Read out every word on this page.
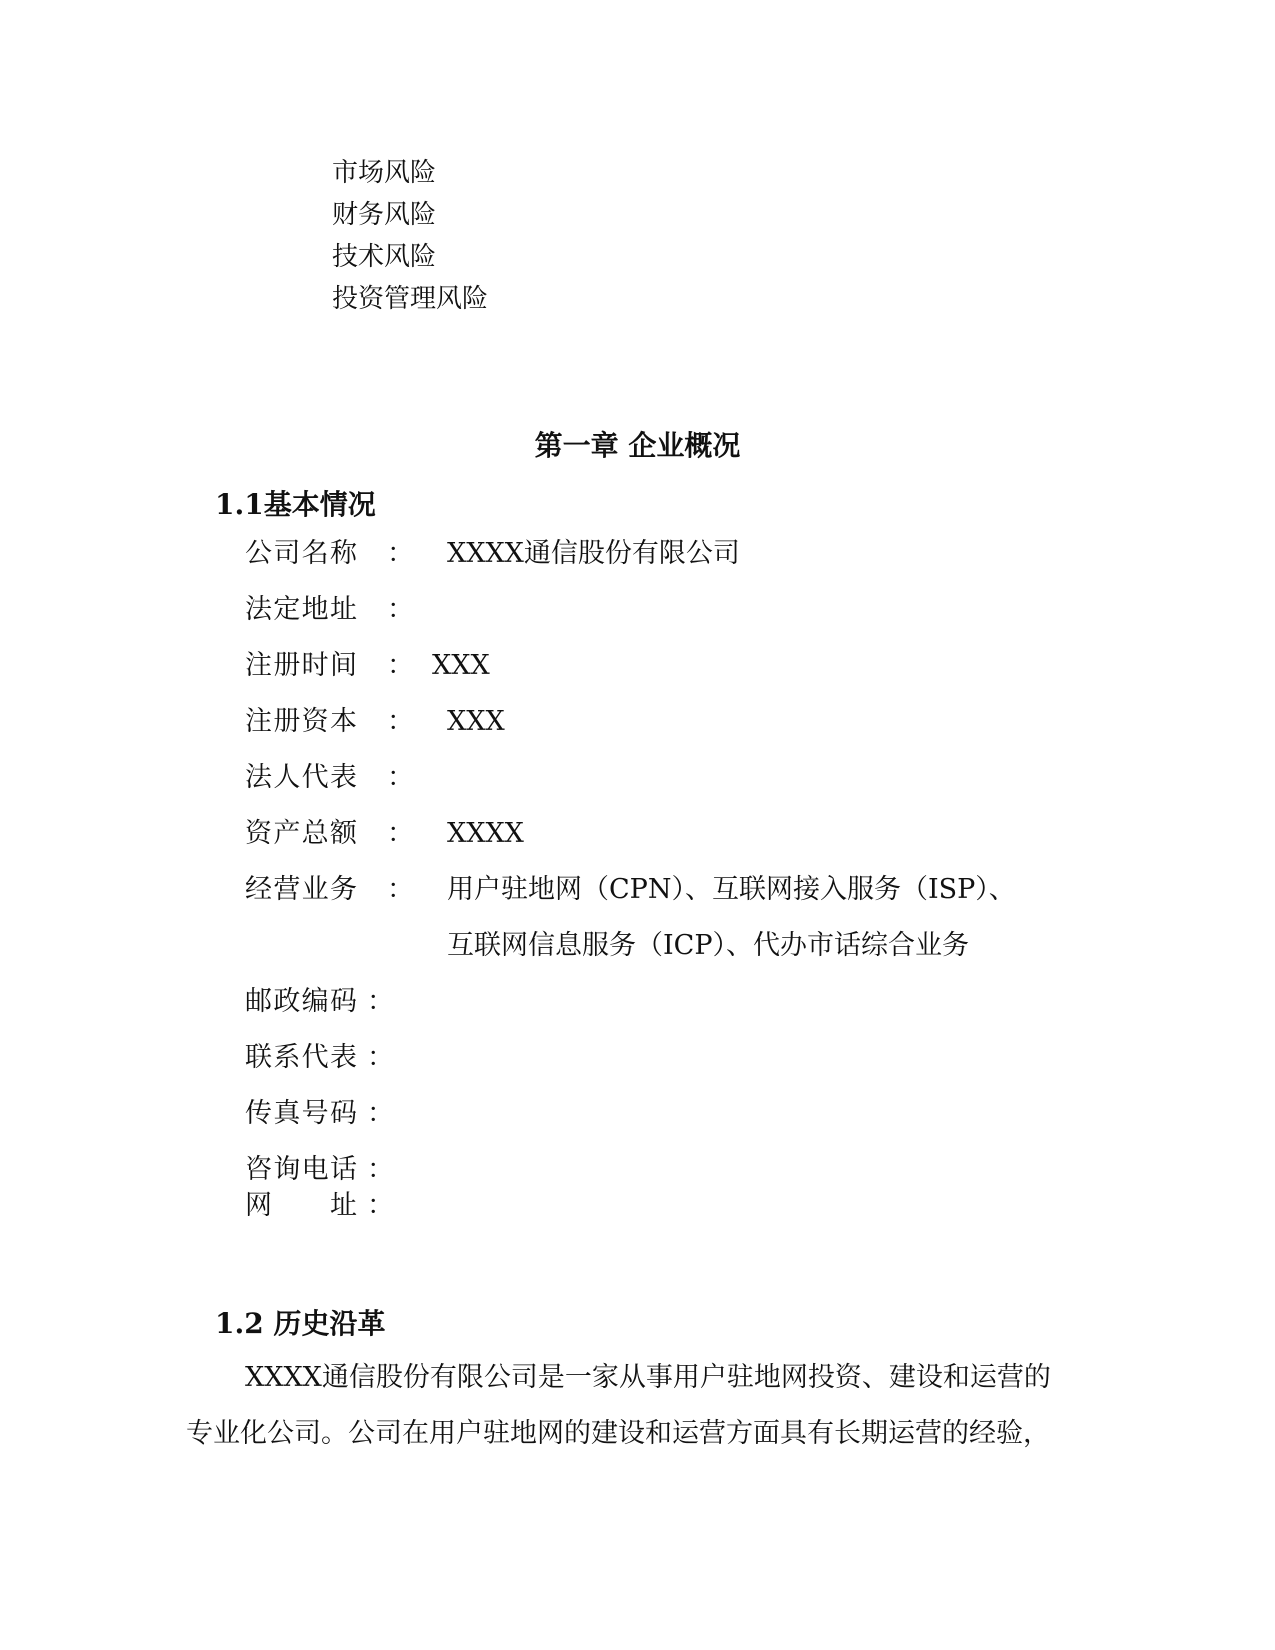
市场风险
财务风险
技术风险
投资管理风险
第一章 企业概况
1.1基本情况
公司名称 ： XXXX通信股份有限公司
法定地址 ：
注册时间 ： XXX
注册资本 ： XXX
法人代表 ：
资产总额 ： XXXX
经营业务 ： 用户驻地网（CPN）、互联网接入服务（ISP）、
互联网信息服务（ICP）、代办市话综合业务
邮政编码 ：
联系代表 ：
传真号码 ：
咨询电话 ：
网址 ：
1.2 历史沿革
XXXX通信股份有限公司是一家从事用户驻地网投资、建设和运营的
专业化公司。公司在用户驻地网的建设和运营方面具有长期运营的经验，
